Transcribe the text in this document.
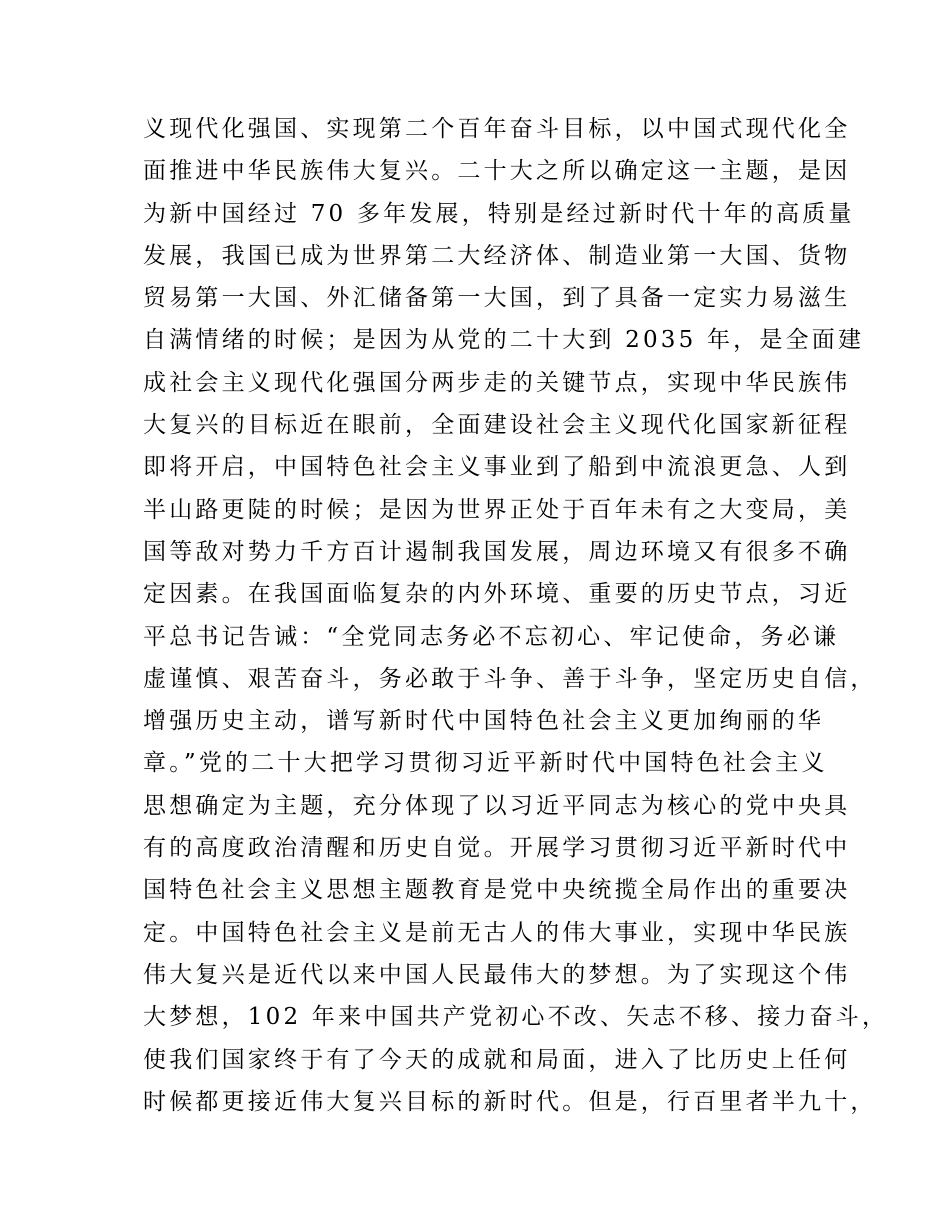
义现代化强国、实现第二个百年奋斗目标，以中国式现代化全
面推进中华民族伟大复兴。二十大之所以确定这一主题，是因
为新中国经过 70 多年发展，特别是经过新时代十年的高质量
发展，我国已成为世界第二大经济体、制造业第一大国、货物
贸易第一大国、外汇储备第一大国，到了具备一定实力易滋生
自满情绪的时候；是因为从党的二十大到 2035 年，是全面建
成社会主义现代化强国分两步走的关键节点，实现中华民族伟
大复兴的目标近在眼前，全面建设社会主义现代化国家新征程
即将开启，中国特色社会主义事业到了船到中流浪更急、人到
半山路更陡的时候；是因为世界正处于百年未有之大变局，美
国等敌对势力千方百计遏制我国发展，周边环境又有很多不确
定因素。在我国面临复杂的内外环境、重要的历史节点，习近
平总书记告诫：“全党同志务必不忘初心、牢记使命，务必谦
虚谨慎、艰苦奋斗，务必敢于斗争、善于斗争，坚定历史自信，
增强历史主动，谱写新时代中国特色社会主义更加绚丽的华
章。”党的二十大把学习贯彻习近平新时代中国特色社会主义
思想确定为主题，充分体现了以习近平同志为核心的党中央具
有的高度政治清醒和历史自觉。开展学习贯彻习近平新时代中
国特色社会主义思想主题教育是党中央统揽全局作出的重要决
定。中国特色社会主义是前无古人的伟大事业，实现中华民族
伟大复兴是近代以来中国人民最伟大的梦想。为了实现这个伟
大梦想，102 年来中国共产党初心不改、矢志不移、接力奋斗，
使我们国家终于有了今天的成就和局面，进入了比历史上任何
时候都更接近伟大复兴目标的新时代。但是，行百里者半九十，
